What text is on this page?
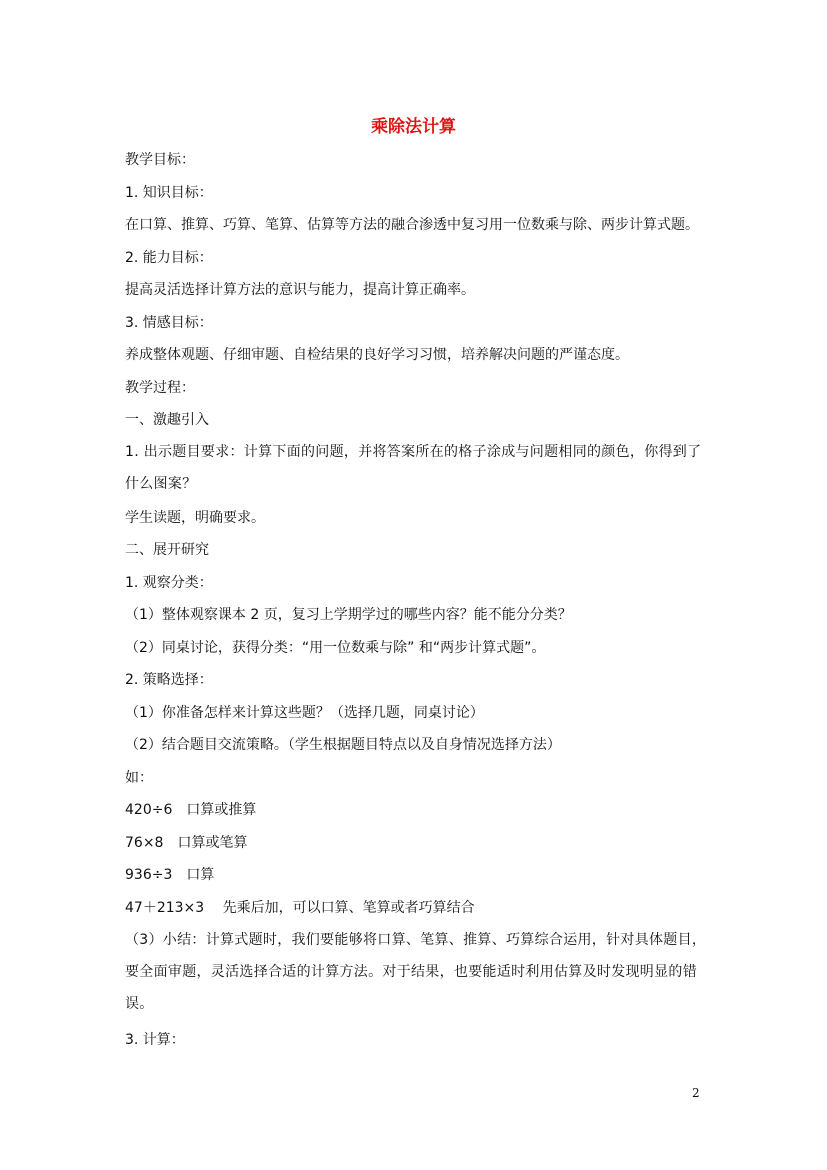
乘除法计算
教学目标：
1. 知识目标：
在口算、推算、巧算、笔算、估算等方法的融合渗透中复习用一位数乘与除、两步计算式题。
2. 能力目标：
提高灵活选择计算方法的意识与能力，提高计算正确率。
3. 情感目标：
养成整体观题、仔细审题、自检结果的良好学习习惯，培养解决问题的严谨态度。
教学过程：
一、激趣引入
1. 出示题目要求：计算下面的问题，并将答案所在的格子涂成与问题相同的颜色，你得到了什么图案？
学生读题，明确要求。
二、展开研究
1. 观察分类：
（1）整体观察课本 2 页，复习上学期学过的哪些内容？能不能分分类？
（2）同桌讨论，获得分类：“用一位数乘与除” 和“两步计算式题”。
2. 策略选择：
（1）你准备怎样来计算这些题？（选择几题，同桌讨论）
（2）结合题目交流策略。（学生根据题目特点以及自身情况选择方法）
如：
420÷6　口算或推算
76×8　口算或笔算
936÷3　口算
47＋213×3　 先乘后加，可以口算、笔算或者巧算结合
（3）小结：计算式题时，我们要能够将口算、笔算、推算、巧算综合运用，针对具体题目，要全面审题，灵活选择合适的计算方法。对于结果，也要能适时利用估算及时发现明显的错误。
3. 计算：
2
